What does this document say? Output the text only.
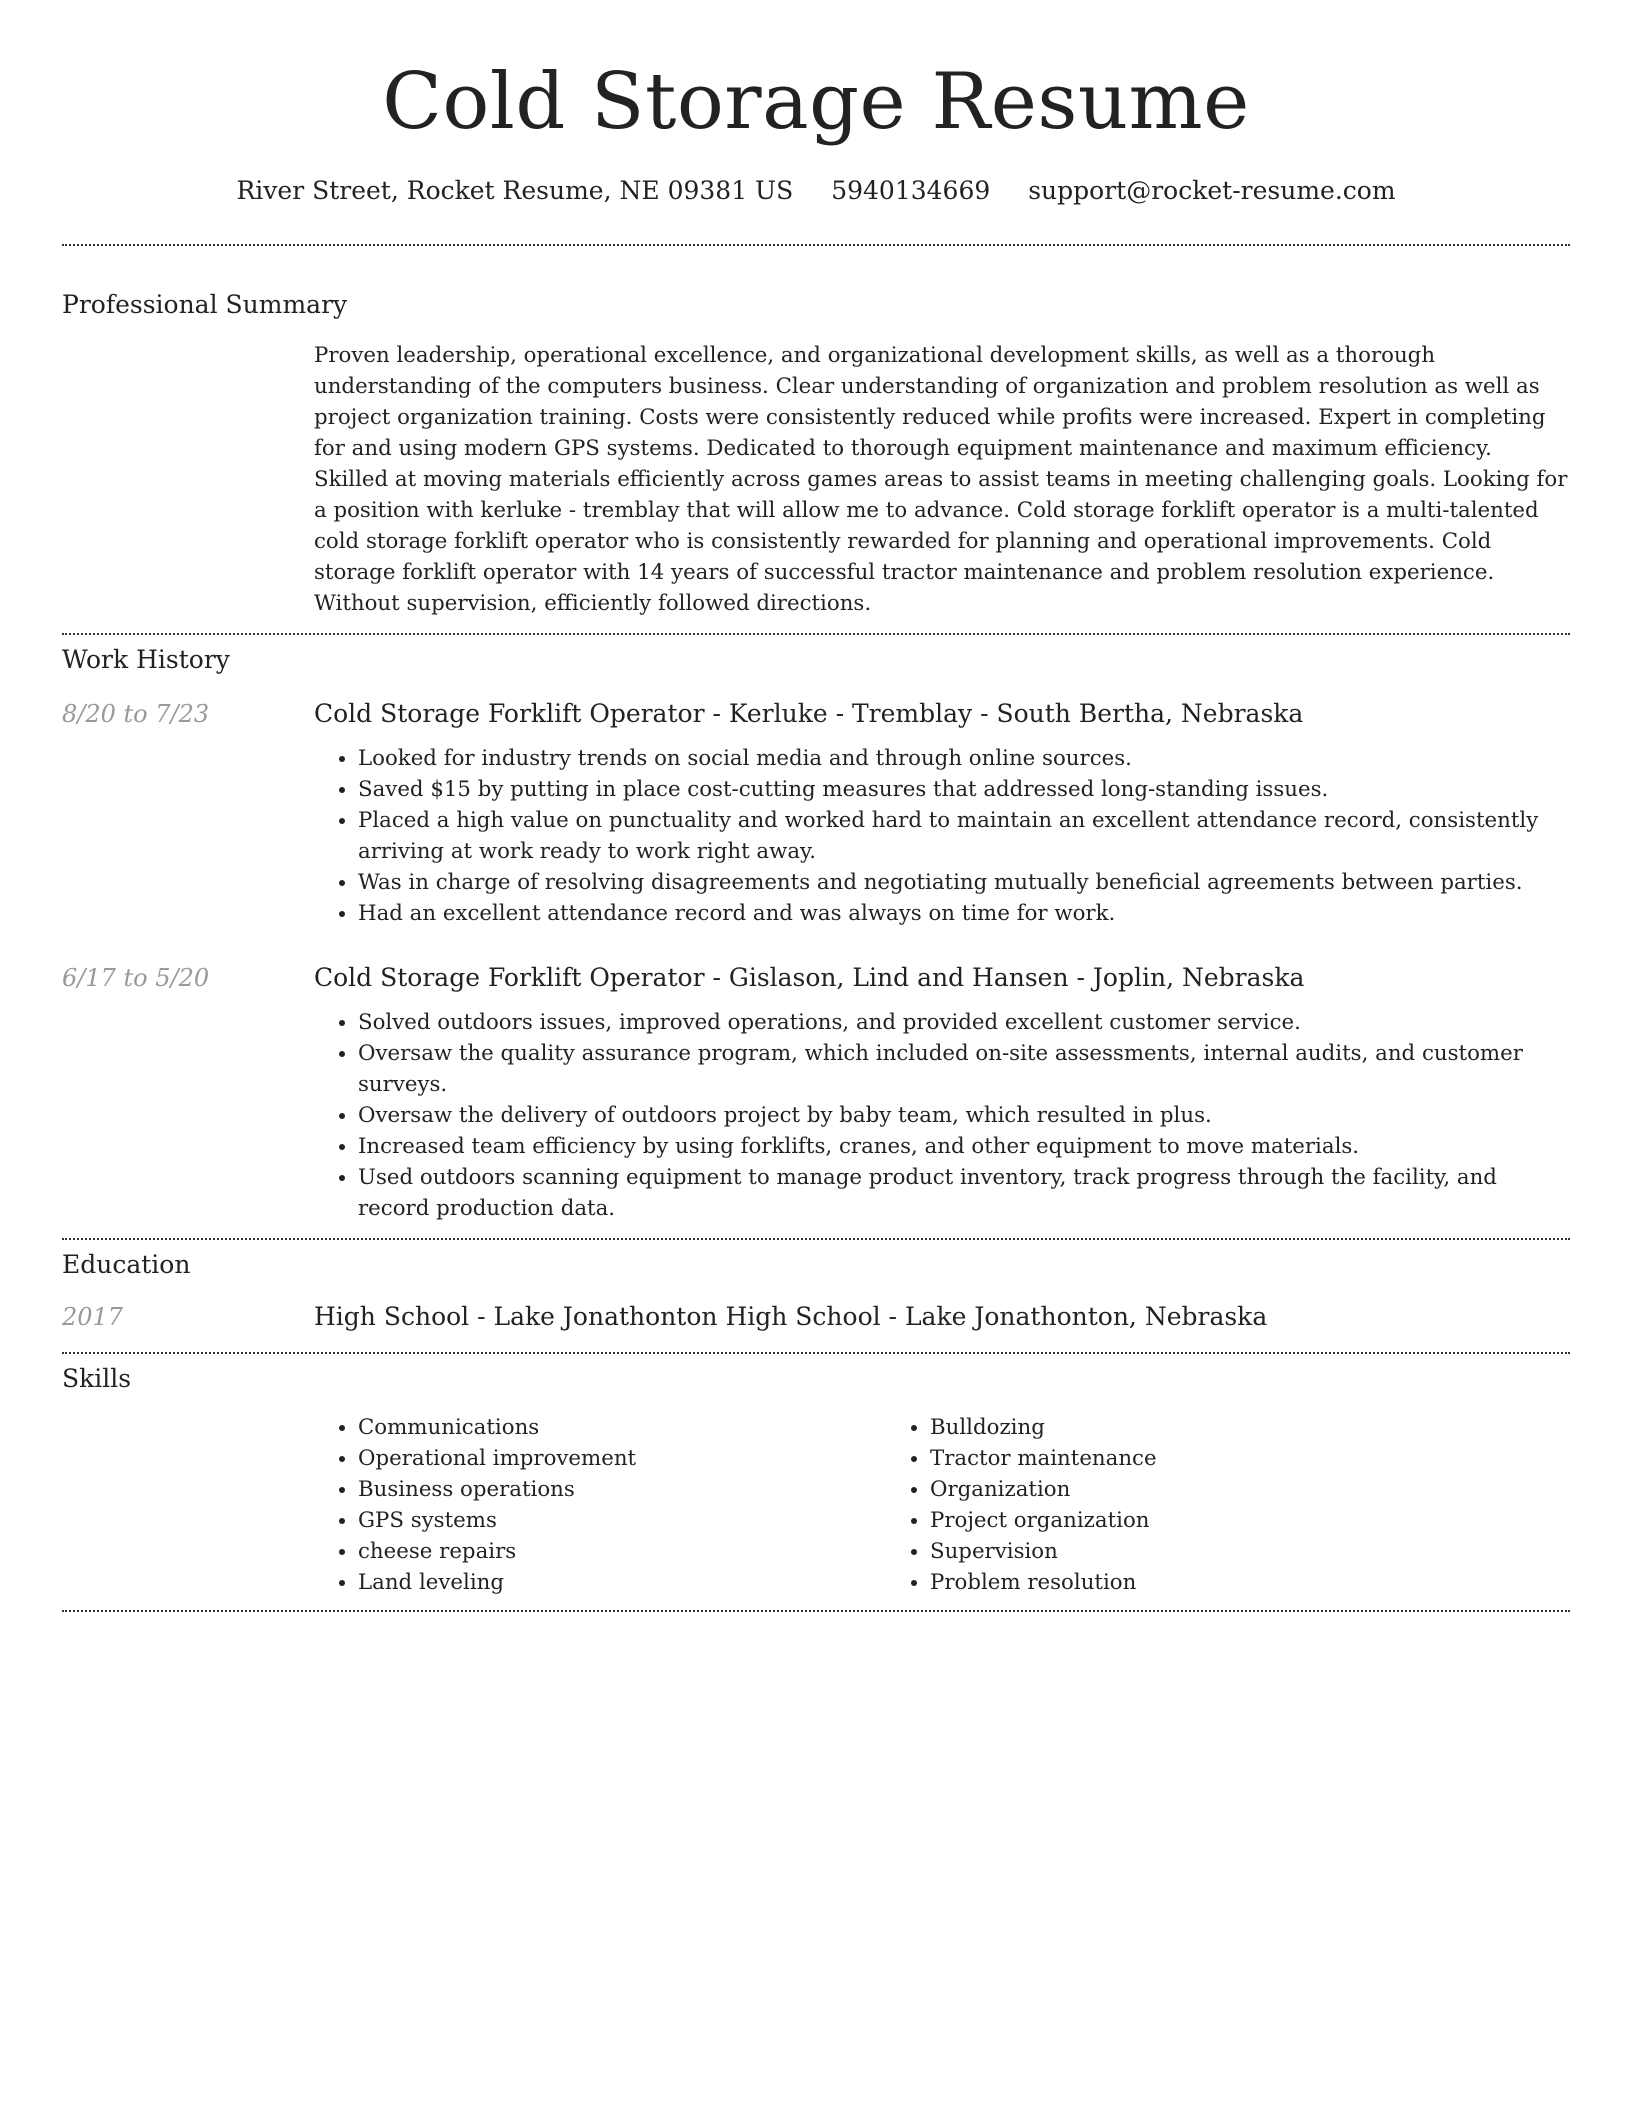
Cold Storage Resume
River Street, Rocket Resume, NE 09381 US 5940134669 support@rocket-resume.com
Professional Summary
Proven leadership, operational excellence, and organizational development skills, as well as a thorough understanding of the computers business. Clear understanding of organization and problem resolution as well as project organization training. Costs were consistently reduced while profits were increased. Expert in completing for and using modern GPS systems. Dedicated to thorough equipment maintenance and maximum efficiency. Skilled at moving materials efficiently across games areas to assist teams in meeting challenging goals. Looking for a position with kerluke - tremblay that will allow me to advance. Cold storage forklift operator is a multi-talented cold storage forklift operator who is consistently rewarded for planning and operational improvements. Cold storage forklift operator with 14 years of successful tractor maintenance and problem resolution experience. Without supervision, efficiently followed directions.
Work History
8/20 to 7/23	Cold Storage Forklift Operator - Kerluke - Tremblay - South Bertha, Nebraska
• Looked for industry trends on social media and through online sources.
• Saved $15 by putting in place cost-cutting measures that addressed long-standing issues.
• Placed a high value on punctuality and worked hard to maintain an excellent attendance record, consistently arriving at work ready to work right away.
• Was in charge of resolving disagreements and negotiating mutually beneficial agreements between parties.
• Had an excellent attendance record and was always on time for work.
6/17 to 5/20	Cold Storage Forklift Operator - Gislason, Lind and Hansen - Joplin, Nebraska
• Solved outdoors issues, improved operations, and provided excellent customer service.
• Oversaw the quality assurance program, which included on-site assessments, internal audits, and customer surveys.
• Oversaw the delivery of outdoors project by baby team, which resulted in plus.
• Increased team efficiency by using forklifts, cranes, and other equipment to move materials.
• Used outdoors scanning equipment to manage product inventory, track progress through the facility, and record production data.
Education
2017	High School - Lake Jonathonton High School - Lake Jonathonton, Nebraska
Skills
• Communications
• Operational improvement
• Business operations
• GPS systems
• cheese repairs
• Land leveling
• Bulldozing
• Tractor maintenance
• Organization
• Project organization
• Supervision
• Problem resolution
